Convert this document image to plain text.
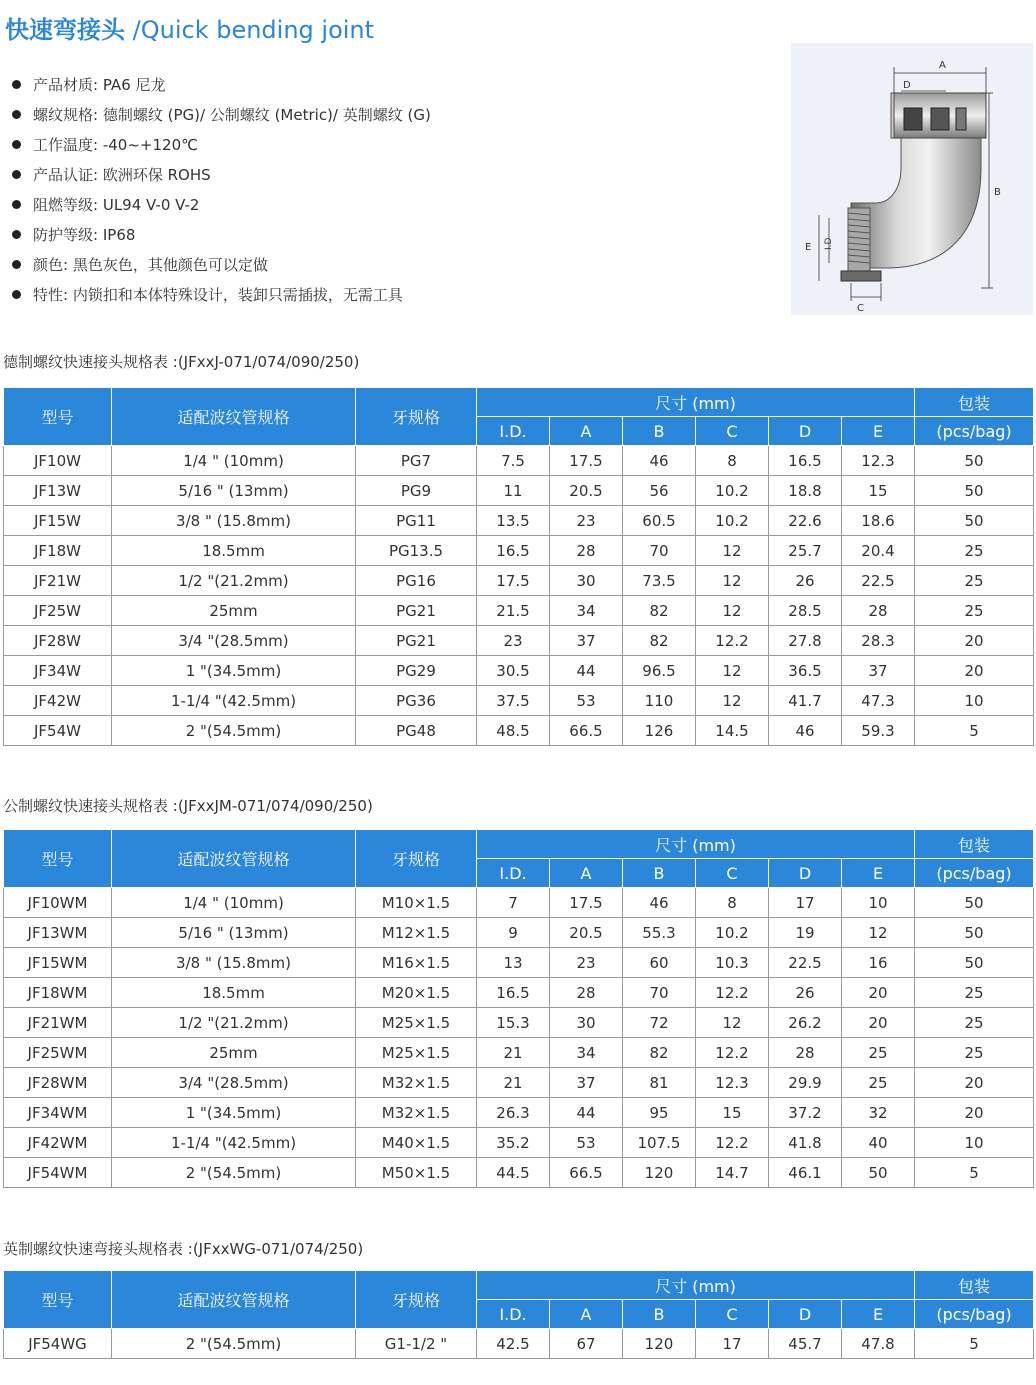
快速弯接头 /Quick bending joint
产品材质: PA6 尼龙
螺纹规格: 德制螺纹 (PG)/ 公制螺纹 (Metric)/ 英制螺纹 (G)
工作温度: -40~+120℃
产品认证: 欧洲环保 ROHS
阻燃等级: UL94 V-0 V-2
防护等级: IP68
颜色: 黑色灰色，其他颜色可以定做
特性: 内锁扣和本体特殊设计，装卸只需插拔，无需工具
A
D
B
E I.D
C
德制螺纹快速接头规格表 :(JFxxJ-071/074/090/250)
型号	适配波纹管规格	牙规格	尺寸 (mm)						包装
			I.D.	A	B	C	D	E	(pcs/bag)
JF10W	1/4 " (10mm)	PG7	7.5	17.5	46	8	16.5	12.3	50
JF13W	5/16 " (13mm)	PG9	11	20.5	56	10.2	18.8	15	50
JF15W	3/8 " (15.8mm)	PG11	13.5	23	60.5	10.2	22.6	18.6	50
JF18W	18.5mm	PG13.5	16.5	28	70	12	25.7	20.4	25
JF21W	1/2 "(21.2mm)	PG16	17.5	30	73.5	12	26	22.5	25
JF25W	25mm	PG21	21.5	34	82	12	28.5	28	25
JF28W	3/4 "(28.5mm)	PG21	23	37	82	12.2	27.8	28.3	20
JF34W	1 "(34.5mm)	PG29	30.5	44	96.5	12	36.5	37	20
JF42W	1-1/4 "(42.5mm)	PG36	37.5	53	110	12	41.7	47.3	10
JF54W	2 "(54.5mm)	PG48	48.5	66.5	126	14.5	46	59.3	5
公制螺纹快速接头规格表 :(JFxxJM-071/074/090/250)
型号	适配波纹管规格	牙规格	尺寸 (mm)						包装
			I.D.	A	B	C	D	E	(pcs/bag)
JF10WM	1/4 " (10mm)	M10×1.5	7	17.5	46	8	17	10	50
JF13WM	5/16 " (13mm)	M12×1.5	9	20.5	55.3	10.2	19	12	50
JF15WM	3/8 " (15.8mm)	M16×1.5	13	23	60	10.3	22.5	16	50
JF18WM	18.5mm	M20×1.5	16.5	28	70	12.2	26	20	25
JF21WM	1/2 "(21.2mm)	M25×1.5	15.3	30	72	12	26.2	20	25
JF25WM	25mm	M25×1.5	21	34	82	12.2	28	25	25
JF28WM	3/4 "(28.5mm)	M32×1.5	21	37	81	12.3	29.9	25	20
JF34WM	1 "(34.5mm)	M32×1.5	26.3	44	95	15	37.2	32	20
JF42WM	1-1/4 "(42.5mm)	M40×1.5	35.2	53	107.5	12.2	41.8	40	10
JF54WM	2 "(54.5mm)	M50×1.5	44.5	66.5	120	14.7	46.1	50	5
英制螺纹快速弯接头规格表 :(JFxxWG-071/074/250)
型号	适配波纹管规格	牙规格	尺寸 (mm)						包装
			I.D.	A	B	C	D	E	(pcs/bag)
JF54WG	2 "(54.5mm)	G1-1/2 "	42.5	67	120	17	45.7	47.8	5
